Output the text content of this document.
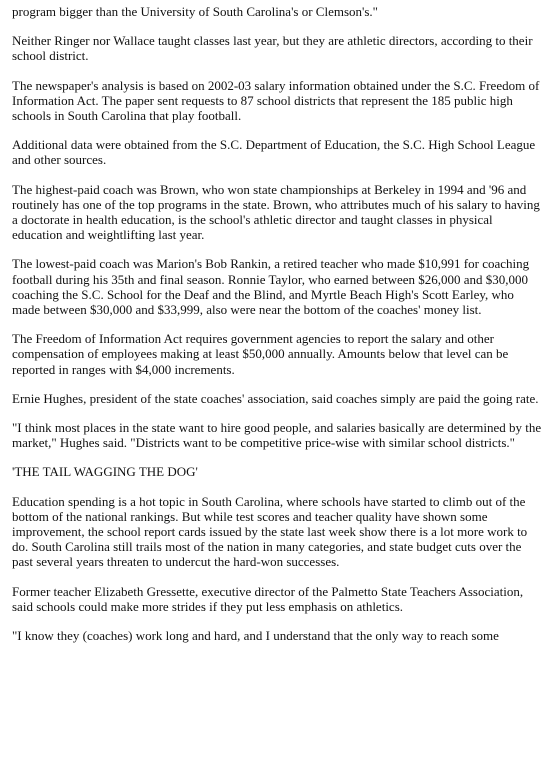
program bigger than the University of South Carolina's or Clemson's."

Neither Ringer nor Wallace taught classes last year, but they are athletic directors, according to their school district.

The newspaper's analysis is based on 2002-03 salary information obtained under the S.C. Freedom of Information Act. The paper sent requests to 87 school districts that represent the 185 public high schools in South Carolina that play football.

Additional data were obtained from the S.C. Department of Education, the S.C. High School League and other sources.

The highest-paid coach was Brown, who won state championships at Berkeley in 1994 and '96 and routinely has one of the top programs in the state. Brown, who attributes much of his salary to having a doctorate in health education, is the school's athletic director and taught classes in physical education and weightlifting last year.

The lowest-paid coach was Marion's Bob Rankin, a retired teacher who made $10,991 for coaching football during his 35th and final season. Ronnie Taylor, who earned between $26,000 and $30,000 coaching the S.C. School for the Deaf and the Blind, and Myrtle Beach High's Scott Earley, who made between $30,000 and $33,999, also were near the bottom of the coaches' money list.

The Freedom of Information Act requires government agencies to report the salary and other compensation of employees making at least $50,000 annually. Amounts below that level can be reported in ranges with $4,000 increments.

Ernie Hughes, president of the state coaches' association, said coaches simply are paid the going rate.

"I think most places in the state want to hire good people, and salaries basically are determined by the market," Hughes said. "Districts want to be competitive price-wise with similar school districts."

'THE TAIL WAGGING THE DOG'

Education spending is a hot topic in South Carolina, where schools have started to climb out of the bottom of the national rankings. But while test scores and teacher quality have shown some improvement, the school report cards issued by the state last week show there is a lot more work to do. South Carolina still trails most of the nation in many categories, and state budget cuts over the past several years threaten to undercut the hard-won successes.

Former teacher Elizabeth Gressette, executive director of the Palmetto State Teachers Association, said schools could make more strides if they put less emphasis on athletics.

"I know they (coaches) work long and hard, and I understand that the only way to reach some
